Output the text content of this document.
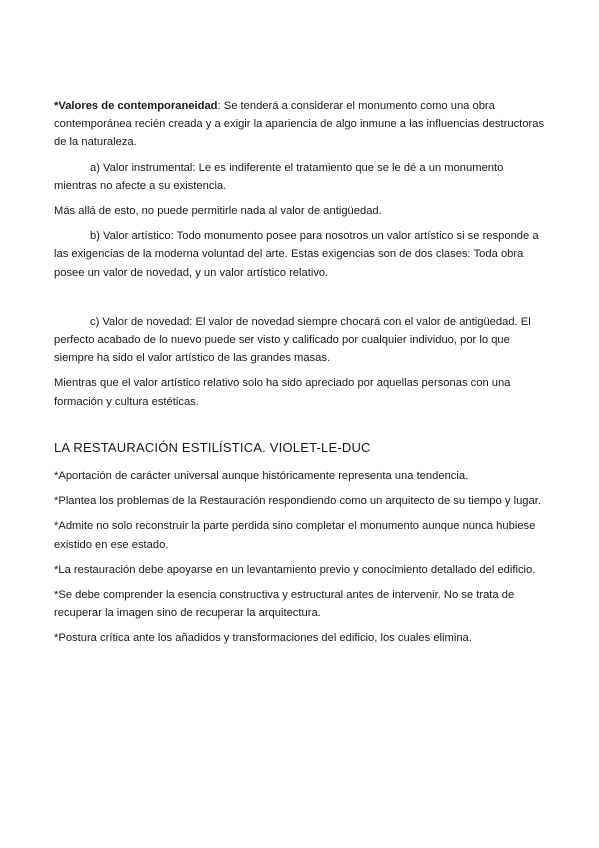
*Valores de contemporaneidad: Se tenderá a considerar el monumento como una obra contemporánea recién creada y a exigir la apariencia de algo inmune a las influencias destructoras de la naturaleza.

a) Valor instrumental: Le es indiferente el tratamiento que se le dé a un monumento mientras no afecte a su existencia.

Más allá de esto, no puede permitirle nada al valor de antigüedad.

b) Valor artístico: Todo monumento posee para nosotros un valor artístico si se responde a las exigencias de la moderna voluntad del arte. Estas exigencias son de dos clases: Toda obra posee un valor de novedad, y un valor artístico relativo.

c) Valor de novedad: El valor de novedad siempre chocará con el valor de antigüedad. El perfecto acabado de lo nuevo puede ser visto y calificado por cualquier individuo, por lo que siempre ha sido el valor artístico de las grandes masas.

Mientras que el valor artístico relativo solo ha sido apreciado por aquellas personas con una formación y cultura estéticas.

LA RESTAURACIÓN ESTILÍSTICA. VIOLET-LE-DUC

*Aportación de carácter universal aunque históricamente representa una tendencia.

*Plantea los problemas de la Restauración respondiendo como un arquitecto de su tiempo y lugar.

*Admite no solo reconstruir la parte perdida sino completar el monumento aunque nunca hubiese existido en ese estado.

*La restauración debe apoyarse en un levantamiento previo y conocimiento detallado del edificio.

*Se debe comprender la esencia constructiva y estructural antes de intervenir. No se trata de recuperar la imagen sino de recuperar la arquitectura.

*Postura crítica ante los añadidos y transformaciones del edificio, los cuales elimina.
